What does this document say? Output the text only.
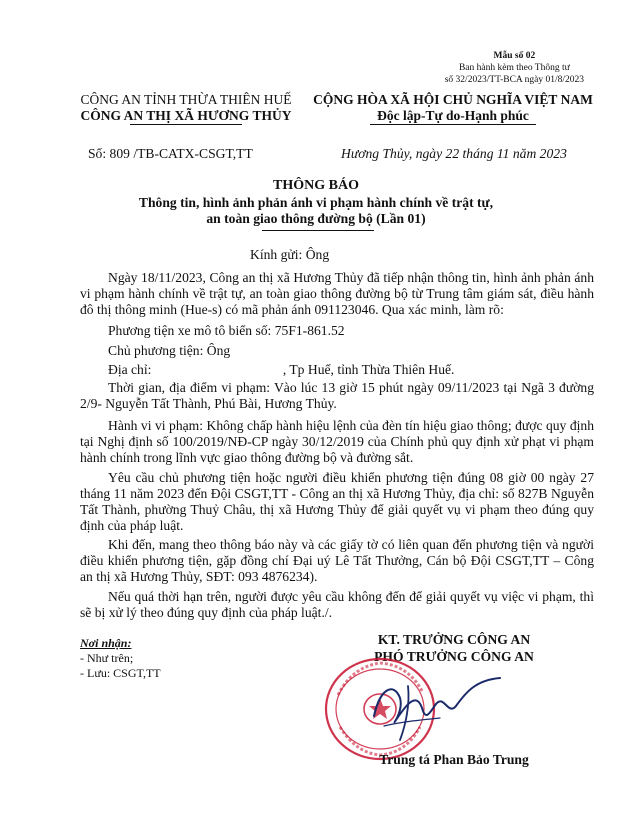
Mẫu số 02
Ban hành kèm theo Thông tư
số 32/2023/TT-BCA ngày 01/8/2023
CÔNG AN TỈNH THỪA THIÊN HUẾ
CÔNG AN THỊ XÃ HƯƠNG THỦY
CỘNG HÒA XÃ HỘI CHỦ NGHĨA VIỆT NAM
Độc lập-Tự do-Hạnh phúc
Số: 809 /TB-CATX-CSGT,TT	Hương Thủy, ngày 22 tháng 11 năm 2023
THÔNG BÁO
Thông tin, hình ảnh phản ánh vi phạm hành chính về trật tự,
an toàn giao thông đường bộ (Lần 01)
Kính gửi: Ông
Ngày 18/11/2023, Công an thị xã Hương Thủy đã tiếp nhận thông tin, hình ảnh phản ánh vi phạm hành chính về trật tự, an toàn giao thông đường bộ từ Trung tâm giám sát, điều hành đô thị thông minh (Hue-s) có mã phản ánh 091123046. Qua xác minh, làm rõ:
Phương tiện xe mô tô biển số: 75F1-861.52
Chủ phương tiện: Ông
Địa chỉ:	, Tp Huế, tỉnh Thừa Thiên Huế.
Thời gian, địa điểm vi phạm: Vào lúc 13 giờ 15 phút ngày 09/11/2023 tại Ngã 3 đường 2/9- Nguyễn Tất Thành, Phú Bài, Hương Thủy.
Hành vi vi phạm: Không chấp hành hiệu lệnh của đèn tín hiệu giao thông; được quy định tại Nghị định số 100/2019/NĐ-CP ngày 30/12/2019 của Chính phủ quy định xử phạt vi phạm hành chính trong lĩnh vực giao thông đường bộ và đường sắt.
Yêu cầu chủ phương tiện hoặc người điều khiển phương tiện đúng 08 giờ 00 ngày 27 tháng 11 năm 2023 đến Đội CSGT,TT - Công an thị xã Hương Thủy, địa chỉ: số 827B Nguyễn Tất Thành, phường Thuỷ Châu, thị xã Hương Thủy để giải quyết vụ vi phạm theo đúng quy định của pháp luật.
Khi đến, mang theo thông báo này và các giấy tờ có liên quan đến phương tiện và người điều khiển phương tiện, gặp đồng chí Đại uý Lê Tất Thưởng, Cán bộ Đội CSGT,TT – Công an thị xã Hương Thủy, SĐT: 093 4876234).
Nếu quá thời hạn trên, người được yêu cầu không đến để giải quyết vụ việc vi phạm, thì sẽ bị xử lý theo đúng quy định của pháp luật./.
Nơi nhận:
- Như trên;
- Lưu: CSGT,TT
KT. TRƯỞNG CÔNG AN
PHÓ TRƯỞNG CÔNG AN
Trung tá Phan Bảo Trung
